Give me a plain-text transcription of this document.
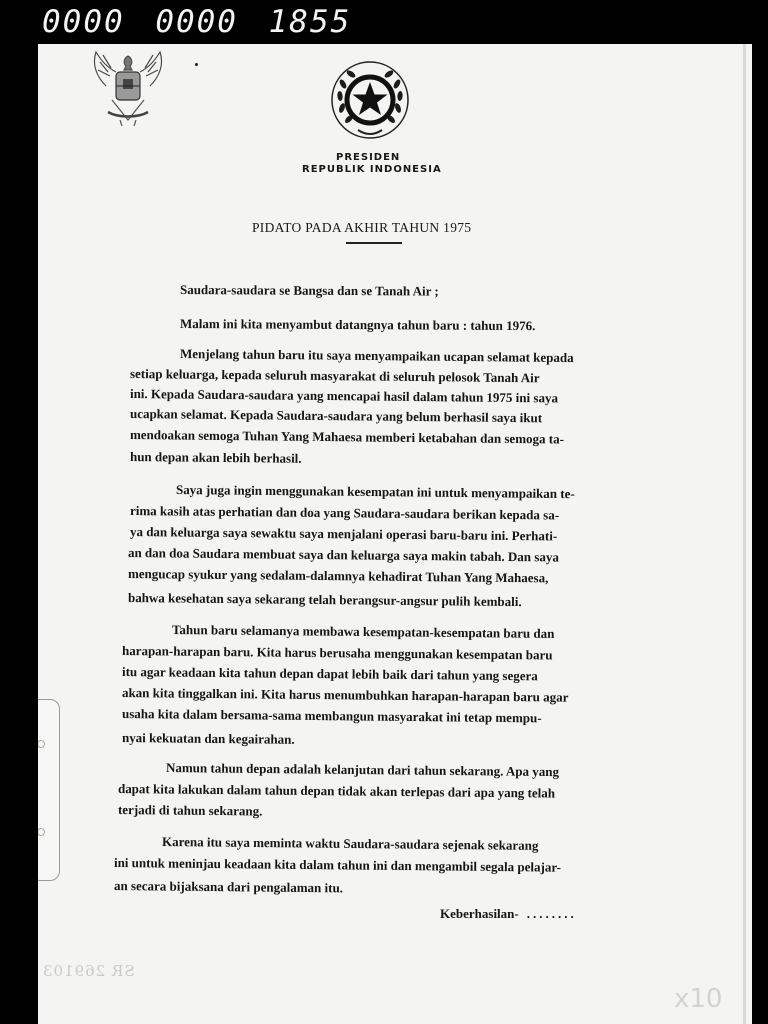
0000 0000 1855
PRESIDEN
REPUBLIK INDONESIA
PIDATO PADA AKHIR TAHUN 1975
Saudara-saudara se Bangsa dan se Tanah Air ;
Malam ini kita menyambut datangnya tahun baru : tahun 1976.
Menjelang tahun baru itu saya menyampaikan ucapan selamat kepada
setiap keluarga, kepada seluruh masyarakat di seluruh pelosok Tanah Air
ini. Kepada Saudara-saudara yang mencapai hasil dalam tahun 1975 ini saya
ucapkan selamat. Kepada Saudara-saudara yang belum berhasil saya ikut
mendoakan semoga Tuhan Yang Mahaesa memberi ketabahan dan semoga ta-
hun depan akan lebih berhasil.
Saya juga ingin menggunakan kesempatan ini untuk menyampaikan te-
rima kasih atas perhatian dan doa yang Saudara-saudara berikan kepada sa-
ya dan keluarga saya sewaktu saya menjalani operasi baru-baru ini. Perhati-
an dan doa Saudara membuat saya dan keluarga saya makin tabah. Dan saya
mengucap syukur yang sedalam-dalamnya kehadirat Tuhan Yang Mahaesa,
bahwa kesehatan saya sekarang telah berangsur-angsur pulih kembali.
Tahun baru selamanya membawa kesempatan-kesempatan baru dan
harapan-harapan baru. Kita harus berusaha menggunakan kesempatan baru
itu agar keadaan kita tahun depan dapat lebih baik dari tahun yang segera
akan kita tinggalkan ini. Kita harus menumbuhkan harapan-harapan baru agar
usaha kita dalam bersama-sama membangun masyarakat ini tetap mempu-
nyai kekuatan dan kegairahan.
Namun tahun depan adalah kelanjutan dari tahun sekarang. Apa yang
dapat kita lakukan dalam tahun depan tidak akan terlepas dari apa yang telah
terjadi di tahun sekarang.
Karena itu saya meminta waktu Saudara-saudara sejenak sekarang
ini untuk meninjau keadaan kita dalam tahun ini dan mengambil segala pelajar-
an secara bijaksana dari pengalaman itu.
Keberhasilan- ........
SR 269103
x10
